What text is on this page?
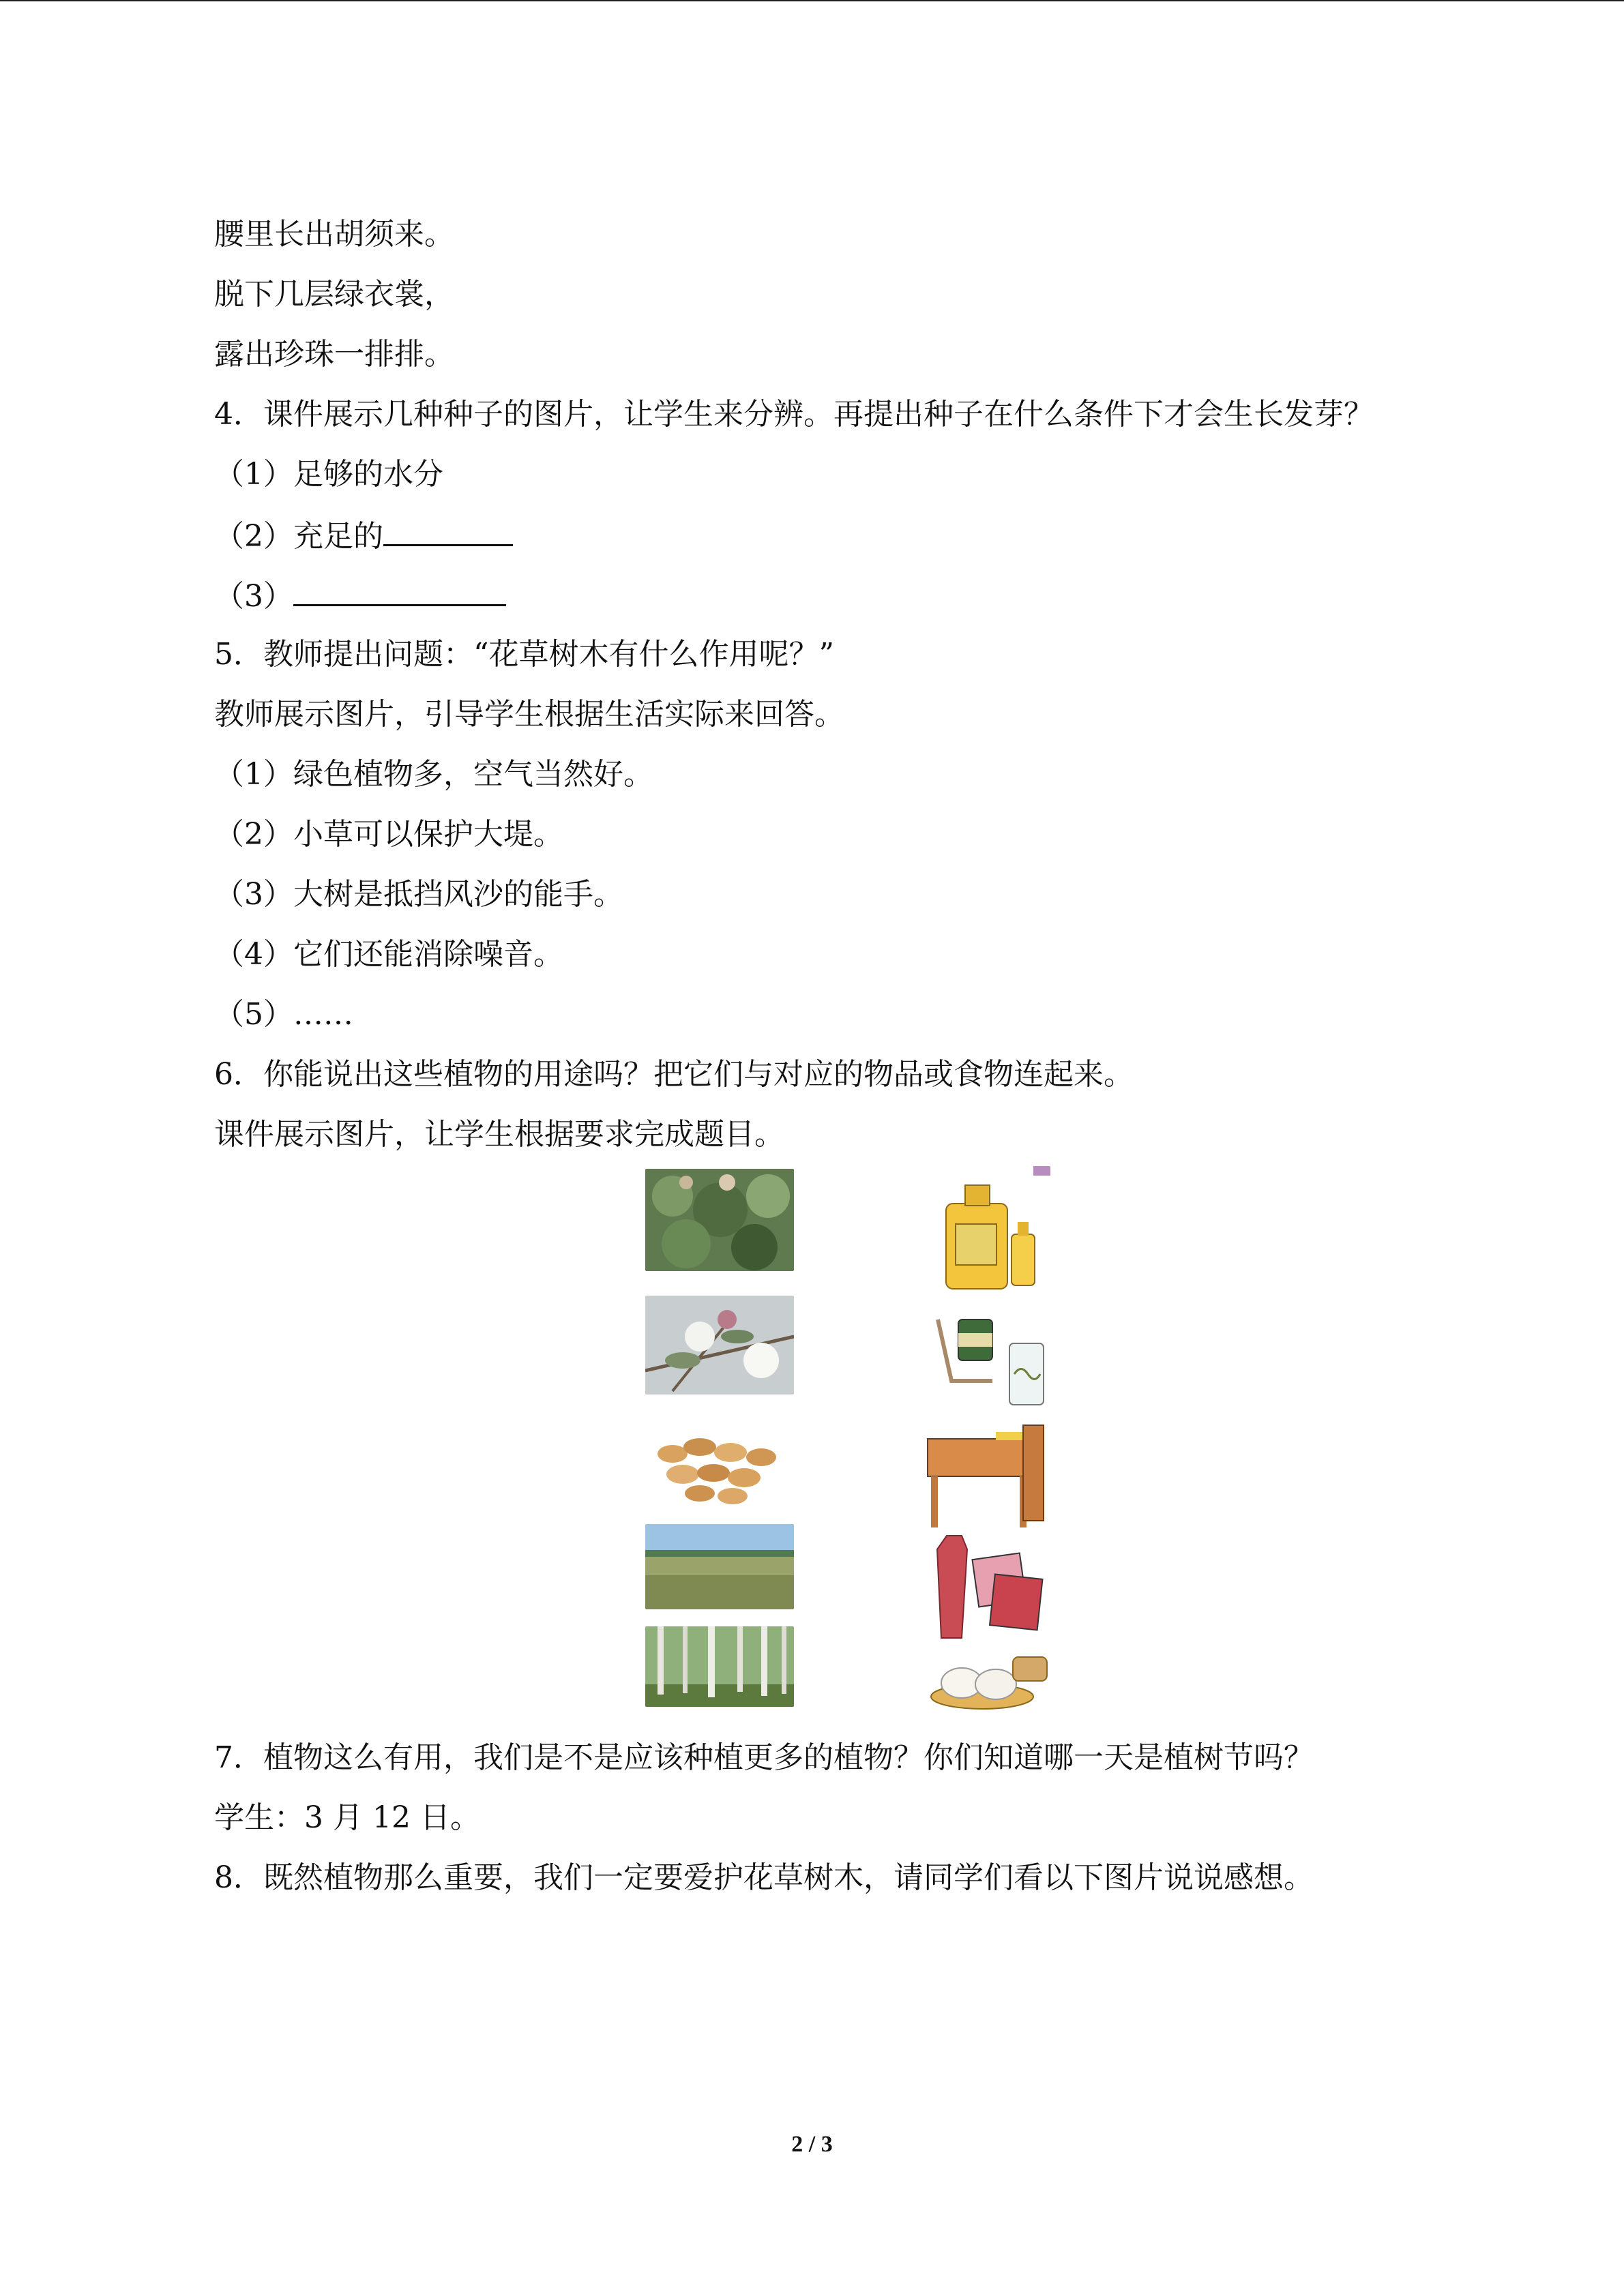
腰里长出胡须来。

脱下几层绿衣裳，

露出珍珠一排排。

4．课件展示几种种子的图片，让学生来分辨。再提出种子在什么条件下才会生长发芽？

（1）足够的水分

（2）充足的

（3）

5．教师提出问题：“花草树木有什么作用呢？”

教师展示图片，引导学生根据生活实际来回答。

（1）绿色植物多，空气当然好。

（2）小草可以保护大堤。

（3）大树是抵挡风沙的能手。

（4）它们还能消除噪音。

（5）……

6．你能说出这些植物的用途吗？把它们与对应的物品或食物连起来。

课件展示图片，让学生根据要求完成题目。

7．植物这么有用，我们是不是应该种植更多的植物？你们知道哪一天是植树节吗？

学生：3 月 12 日。

8．既然植物那么重要，我们一定要爱护花草树木，请同学们看以下图片说说感想。

2 / 3
